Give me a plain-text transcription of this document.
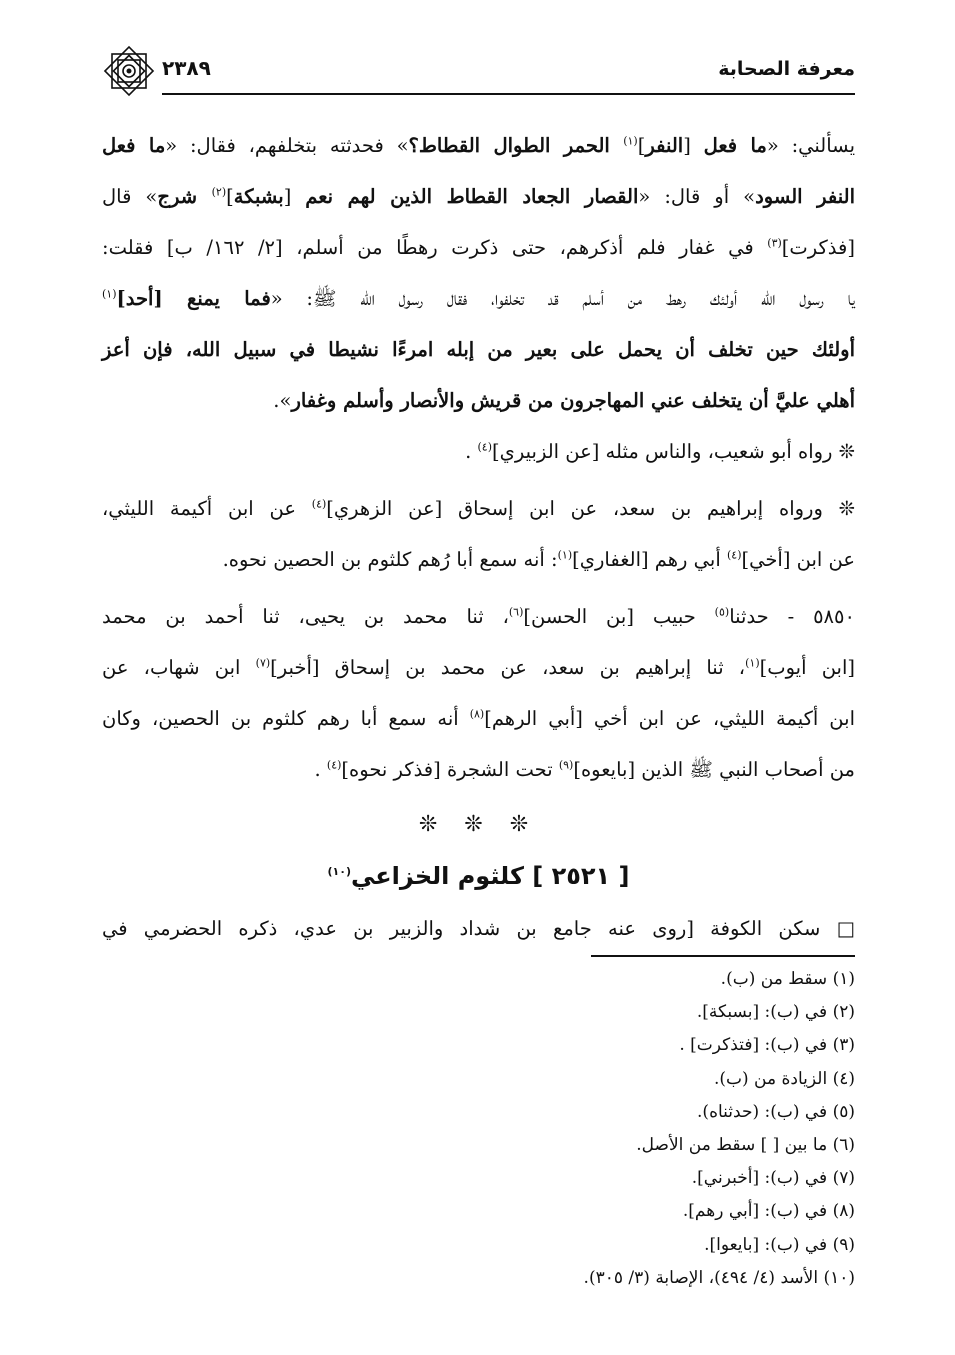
معرفة الصحابة
٢٣٨٩
يسألني: «ما فعل [النفر]$^{(١)}$ الحمر الطوال القطاط؟» فحدثته بتخلفهم، فقال: «ما فعل
النفر السود» أو قال: «القصار الجعاد القطاط الذين لهم نعم [بشبكة]$^{(٢)}$ شرج» قال
[فذكرت]$^{(٣)}$ في غفار فلم أذكرهم، حتى ذكرت رهطًا من أسلم، [٢/ ١٦٢/ ب] فقلت:
يا رسول الله أولئك رهط من أسلم قد تخلفوا، فقال رسول الله ﷺ: «فما يمنع [أحد]$^{(١)}$
أولئك حين تخلف أن يحمل على بعير من إبله امرءًا نشيطا في سبيل الله، فإن أعز
أهلي عليَّ أن يتخلف عني المهاجرون من قريش والأنصار وأسلم وغفار».
❊ رواه أبو شعيب، والناس مثله [عن الزبيري]$^{(٤)}$ .
❊ ورواه إبراهيم بن سعد، عن ابن إسحاق [عن الزهري]$^{(٤)}$ عن ابن أكيمة الليثي،
عن ابن [أخي]$^{(٤)}$ أبي رهم [الغفاري]$^{(١)}$: أنه سمع أبا رُهم كلثوم بن الحصين نحوه.
٥٨٥٠ - حدثنا$^{(٥)}$ حبيب [بن الحسن]$^{(٦)}$، ثنا محمد بن يحيى، ثنا أحمد بن محمد
[ابن أيوب]$^{(١)}$، ثنا إبراهيم بن سعد، عن محمد بن إسحاق [أخبر]$^{(٧)}$ ابن شهاب، عن
ابن أكيمة الليثي، عن ابن أخي [أبي الرهم]$^{(٨)}$ أنه سمع أبا رهم كلثوم بن الحصين، وكان
من أصحاب النبي ﷺ الذين [بايعوه]$^{(٩)}$ تحت الشجرة [فذكر نحوه]$^{(٤)}$ .
❊ ❊ ❊
[ ٢٥٢١ ] كلثوم الخزاعي$^{(١٠)}$
□ سكن الكوفة [روى عنه جامع بن شداد والزبير بن عدي، ذكره الحضرمي في
(١) سقط من (ب).
(٢) في (ب): [بسبكة].
(٣) في (ب): [فتذكرت] .
(٤) الزيادة من (ب).
(٥) في (ب): (حدثناه).
(٦) ما بين [ ] سقط من الأصل.
(٧) في (ب): [أخبرني].
(٨) في (ب): [أبي رهم].
(٩) في (ب): [بايعوا].
(١٠) الأسد (٤/ ٤٩٤)، الإصابة (٣/ ٣٠٥).
